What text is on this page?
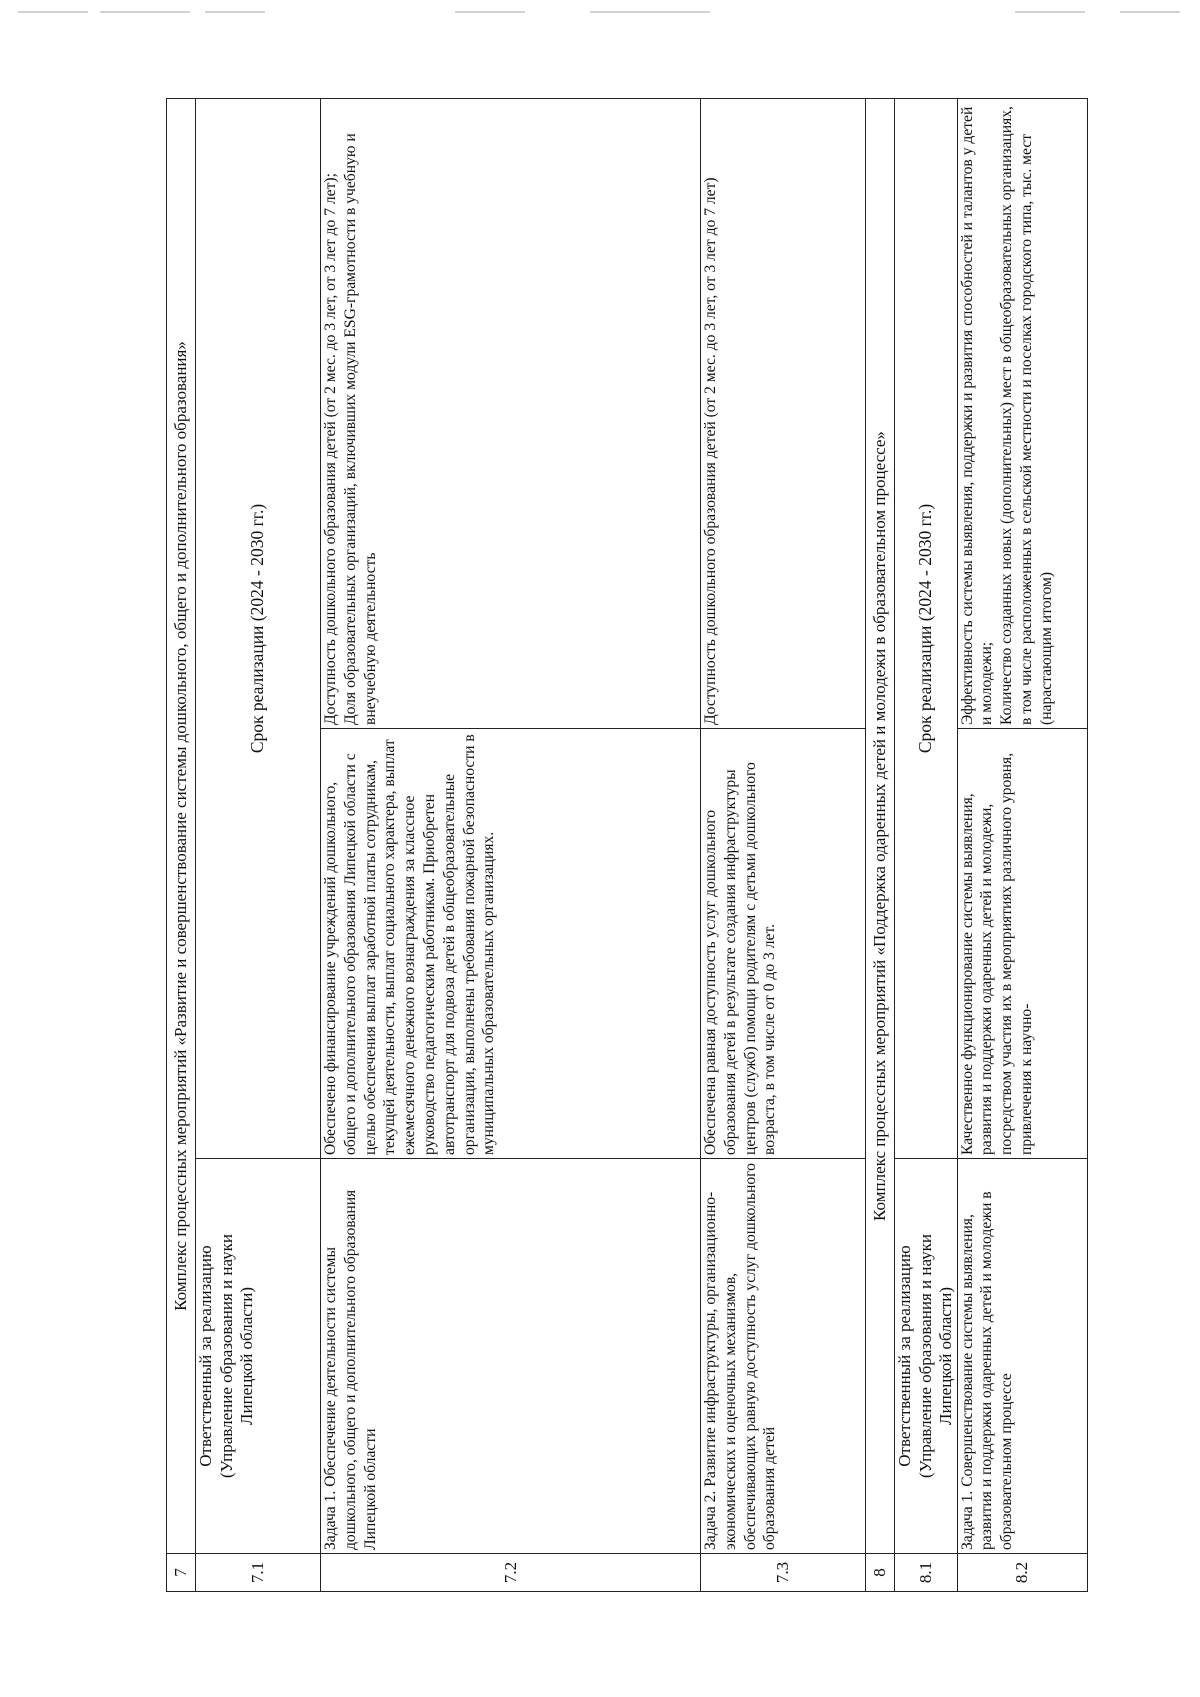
7	Комплекс процессных мероприятий «Развитие и совершенствование системы дошкольного, общего и дополнительного образования»		
7.1	Ответственный за реализацию (Управление образования и науки Липецкой области)	Срок реализации (2024 - 2030 гг.)	
7.2	Задача 1. Обеспечение деятельности системы дошкольного, общего и дополнительного образования Липецкой области	Обеспечено финансирование учреждений дошкольного, общего и дополнительного образования Липецкой области с целью обеспечения выплат заработной платы сотрудникам, текущей деятельности, выплат социального характера, выплат ежемесячного денежного вознаграждения за классное руководство педагогическим работникам. Приобретен автотранспорт для подвоза детей в общеобразовательные организации, выполнены требования пожарной безопасности в муниципальных образовательных организациях.	Доступность дошкольного образования детей (от 2 мес. до 3 лет, от 3 лет до 7 лет); Доля образовательных организаций, включивших модули ESG-грамотности в учебную и внеучебную деятельность

7.3	Задача 2. Развитие инфраструктуры, организационно-экономических и оценочных механизмов, обеспечивающих равную доступность услуг дошкольного образования детей	Обеспечена равная доступность услуг дошкольного образования детей в результате создания инфраструктуры центров (служб) помощи родителям с детьми дошкольного возраста, в том числе от 0 до 3 лет.	Доступность дошкольного образования детей (от 2 мес. до 3 лет, от 3 лет до 7 лет)

8	Комплекс процессных мероприятий «Поддержка одаренных детей и молодежи в образовательном процессе»		
8.1	Ответственный за реализацию (Управление образования и науки Липецкой области)	Срок реализации (2024 - 2030 гг.)	
8.2	Задача 1. Совершенствование системы выявления, развития и поддержки одаренных детей и молодежи в образовательном процессе	Качественное функционирование системы выявления, развития и поддержки одаренных детей и молодежи, посредством участия их в мероприятиях различного уровня, привлечения к научно-	Эффективность системы выявления, поддержки и развития способностей и талантов у детей и молодежи; Количество созданных новых (дополнительных) мест в общеобразовательных организациях, в том числе расположенных в сельской местности и поселках городского типа, тыс. мест (нарастающим итогом)
